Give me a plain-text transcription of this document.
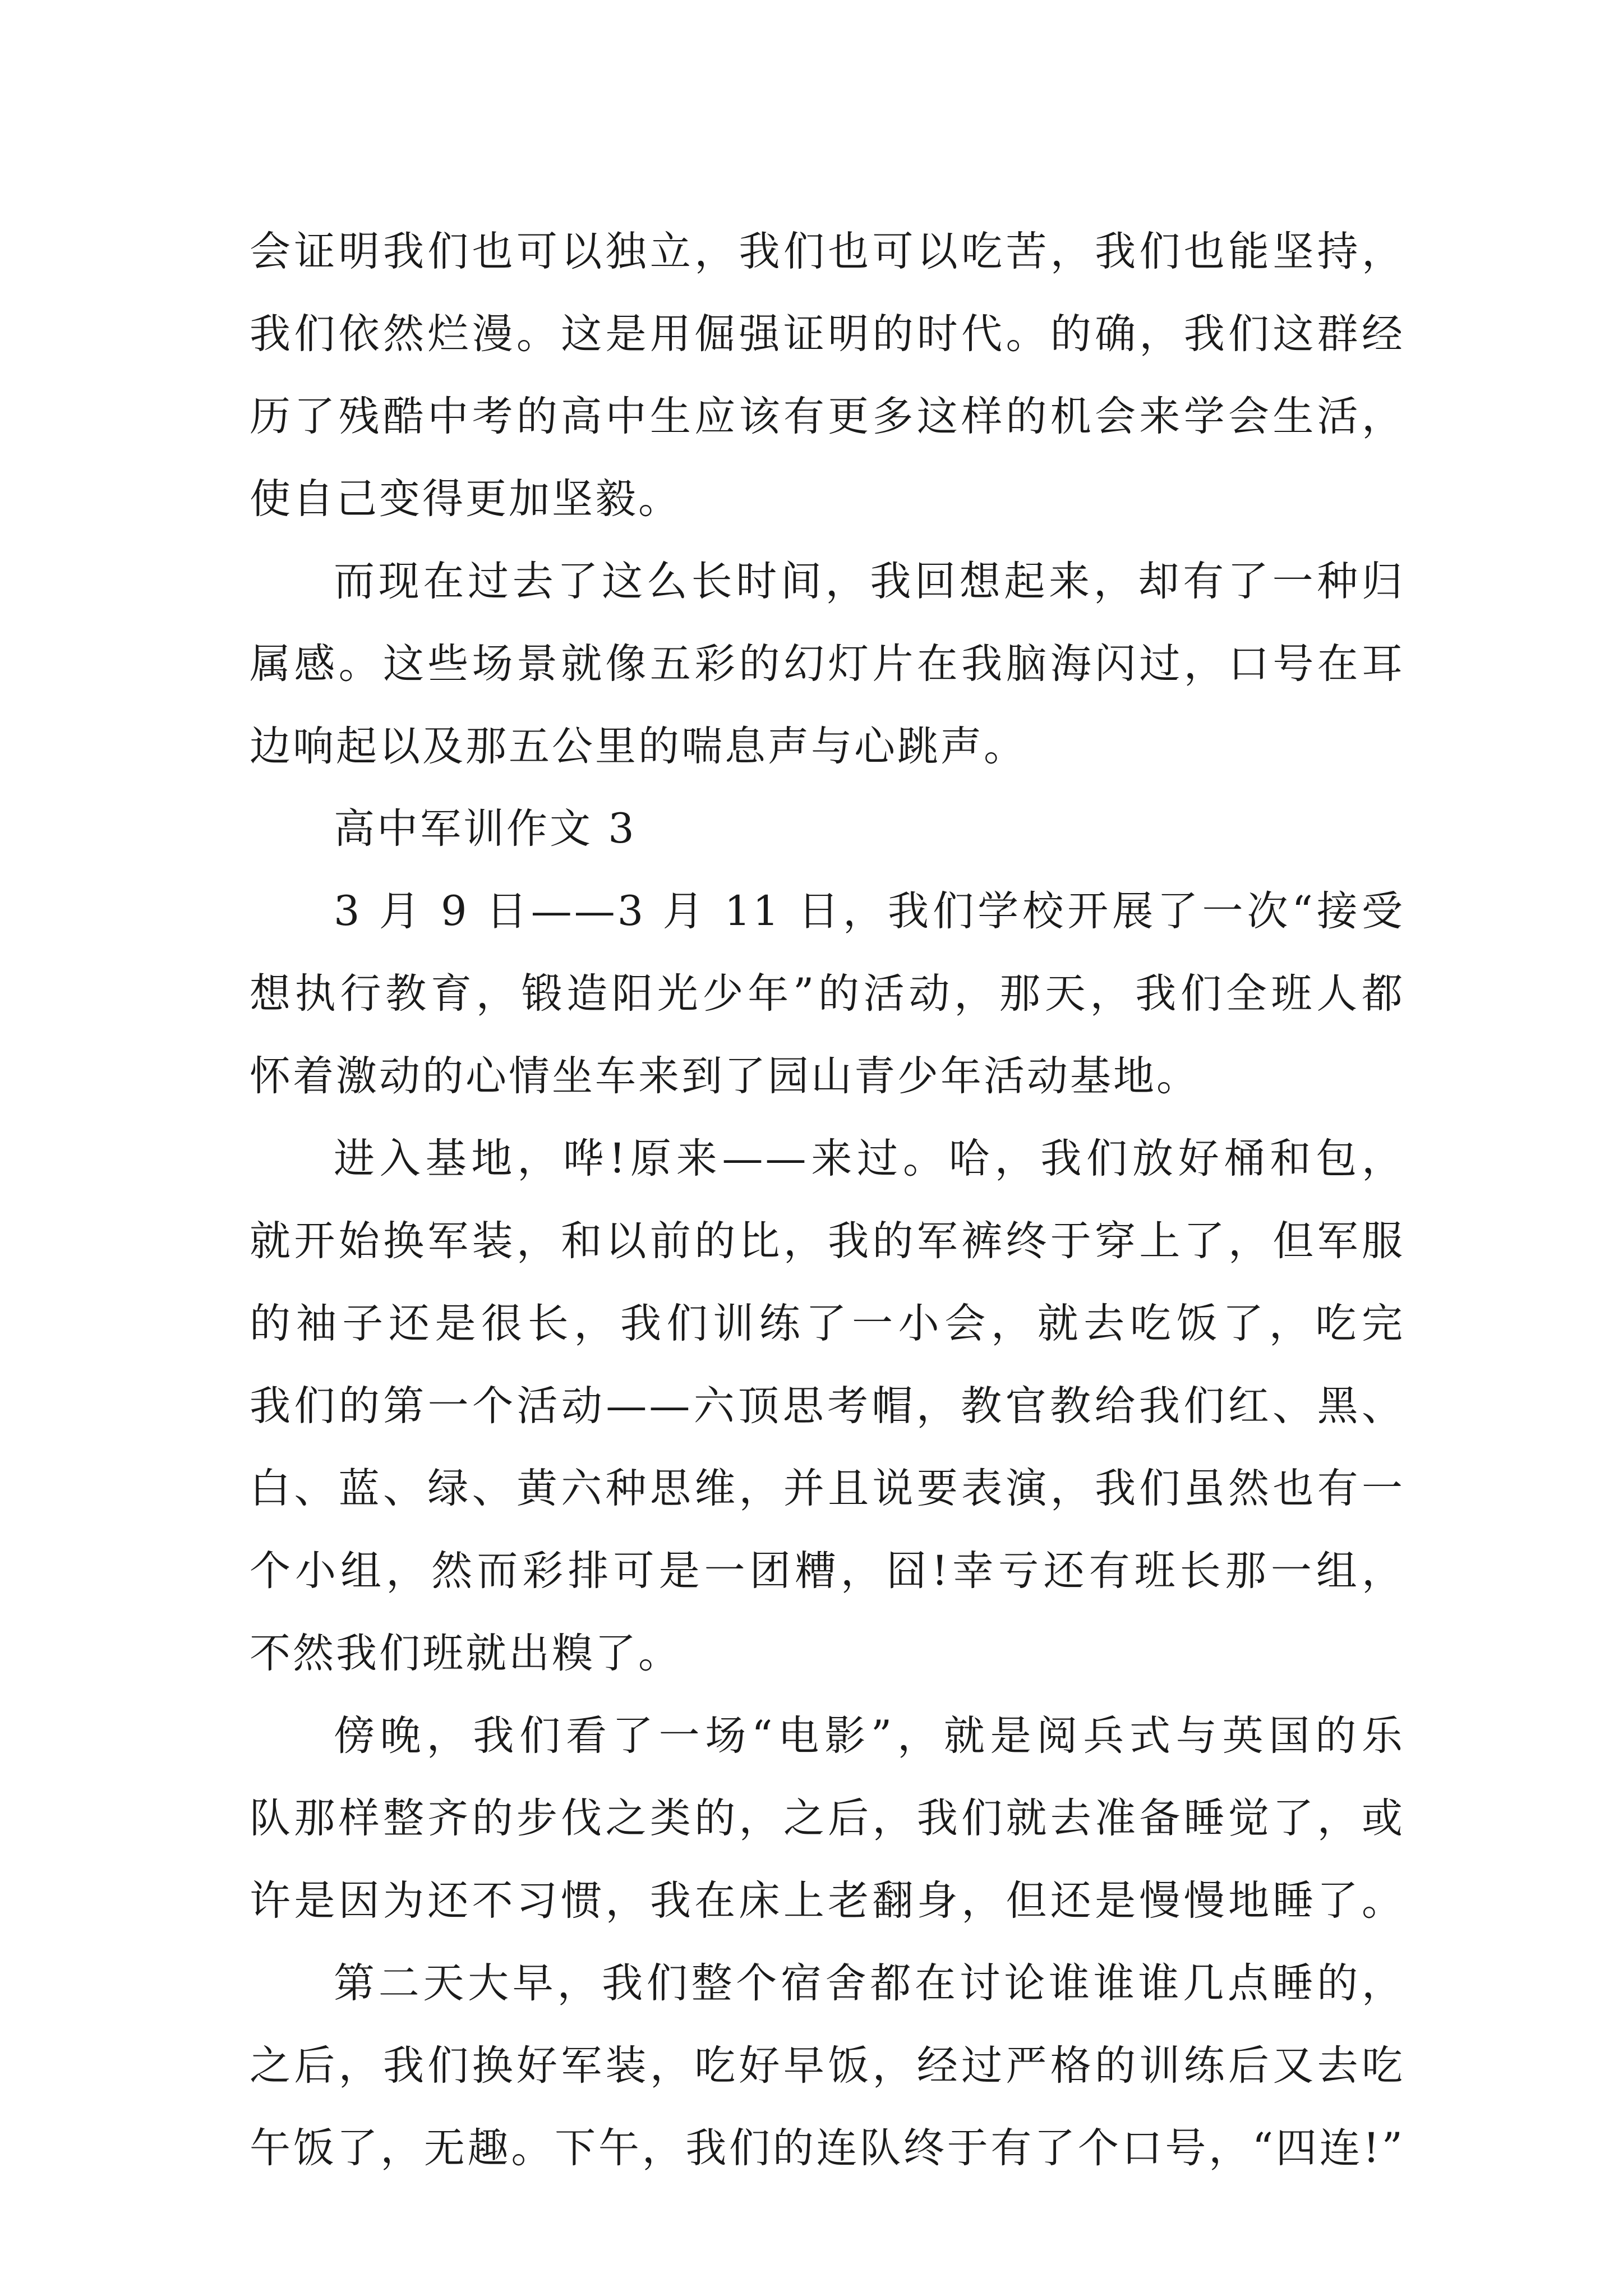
会证明我们也可以独立，我们也可以吃苦，我们也能坚持，
我们依然烂漫。这是用倔强证明的时代。的确，我们这群经
历了残酷中考的高中生应该有更多这样的机会来学会生活，
使自己变得更加坚毅。
而现在过去了这么长时间，我回想起来，却有了一种归
属感。这些场景就像五彩的幻灯片在我脑海闪过，口号在耳
边响起以及那五公里的喘息声与心跳声。
高中军训作文 3
3 月 9 日——3 月 11 日，我们学校开展了一次“接受
想执行教育，锻造阳光少年”的活动，那天，我们全班人都
怀着激动的心情坐车来到了园山青少年活动基地。
进入基地，哗!原来——来过。哈，我们放好桶和包，
就开始换军装，和以前的比，我的军裤终于穿上了，但军服
的袖子还是很长，我们训练了一小会，就去吃饭了，吃完
我们的第一个活动——六顶思考帽，教官教给我们红、黑、
白、蓝、绿、黄六种思维，并且说要表演，我们虽然也有一
个小组，然而彩排可是一团糟，囧!幸亏还有班长那一组，
不然我们班就出糗了。
傍晚，我们看了一场“电影”，就是阅兵式与英国的乐
队那样整齐的步伐之类的，之后，我们就去准备睡觉了，或
许是因为还不习惯，我在床上老翻身，但还是慢慢地睡了。
第二天大早，我们整个宿舍都在讨论谁谁谁几点睡的，
之后，我们换好军装，吃好早饭，经过严格的训练后又去吃
午饭了，无趣。下午，我们的连队终于有了个口号，“四连!”
